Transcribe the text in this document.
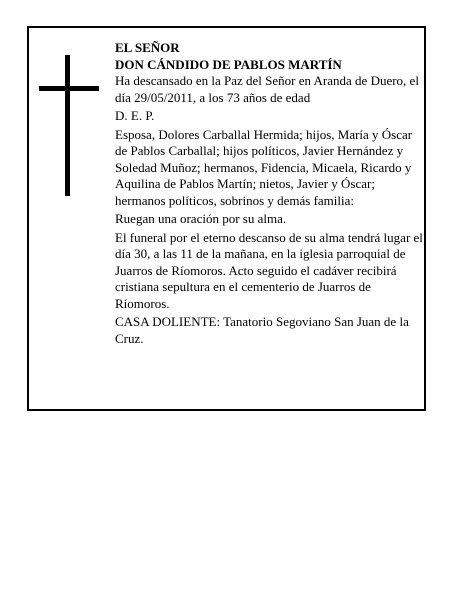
EL SEÑOR
DON CÁNDIDO DE PABLOS MARTÍN

Ha descansado en la Paz del Señor en Aranda de Duero, el día 29/05/2011, a los 73 años de edad

D. E. P.

Esposa, Dolores Carballal Hermida; hijos, María y Óscar de Pablos Carballal; hijos políticos, Javier Hernández y Soledad Muñoz; hermanos, Fidencia, Micaela, Ricardo y Aquilina de Pablos Martín; nietos, Javier y Óscar; hermanos políticos, sobrinos y demás familia:

Ruegan una oración por su alma.

El funeral por el eterno descanso de su alma tendrá lugar el día 30, a las 11 de la mañana, en la iglesia parroquial de Juarros de Ríomoros. Acto seguido el cadáver recibirá cristiana sepultura en el cementerio de Juarros de Ríomoros.

CASA DOLIENTE: Tanatorio Segoviano San Juan de la Cruz.
